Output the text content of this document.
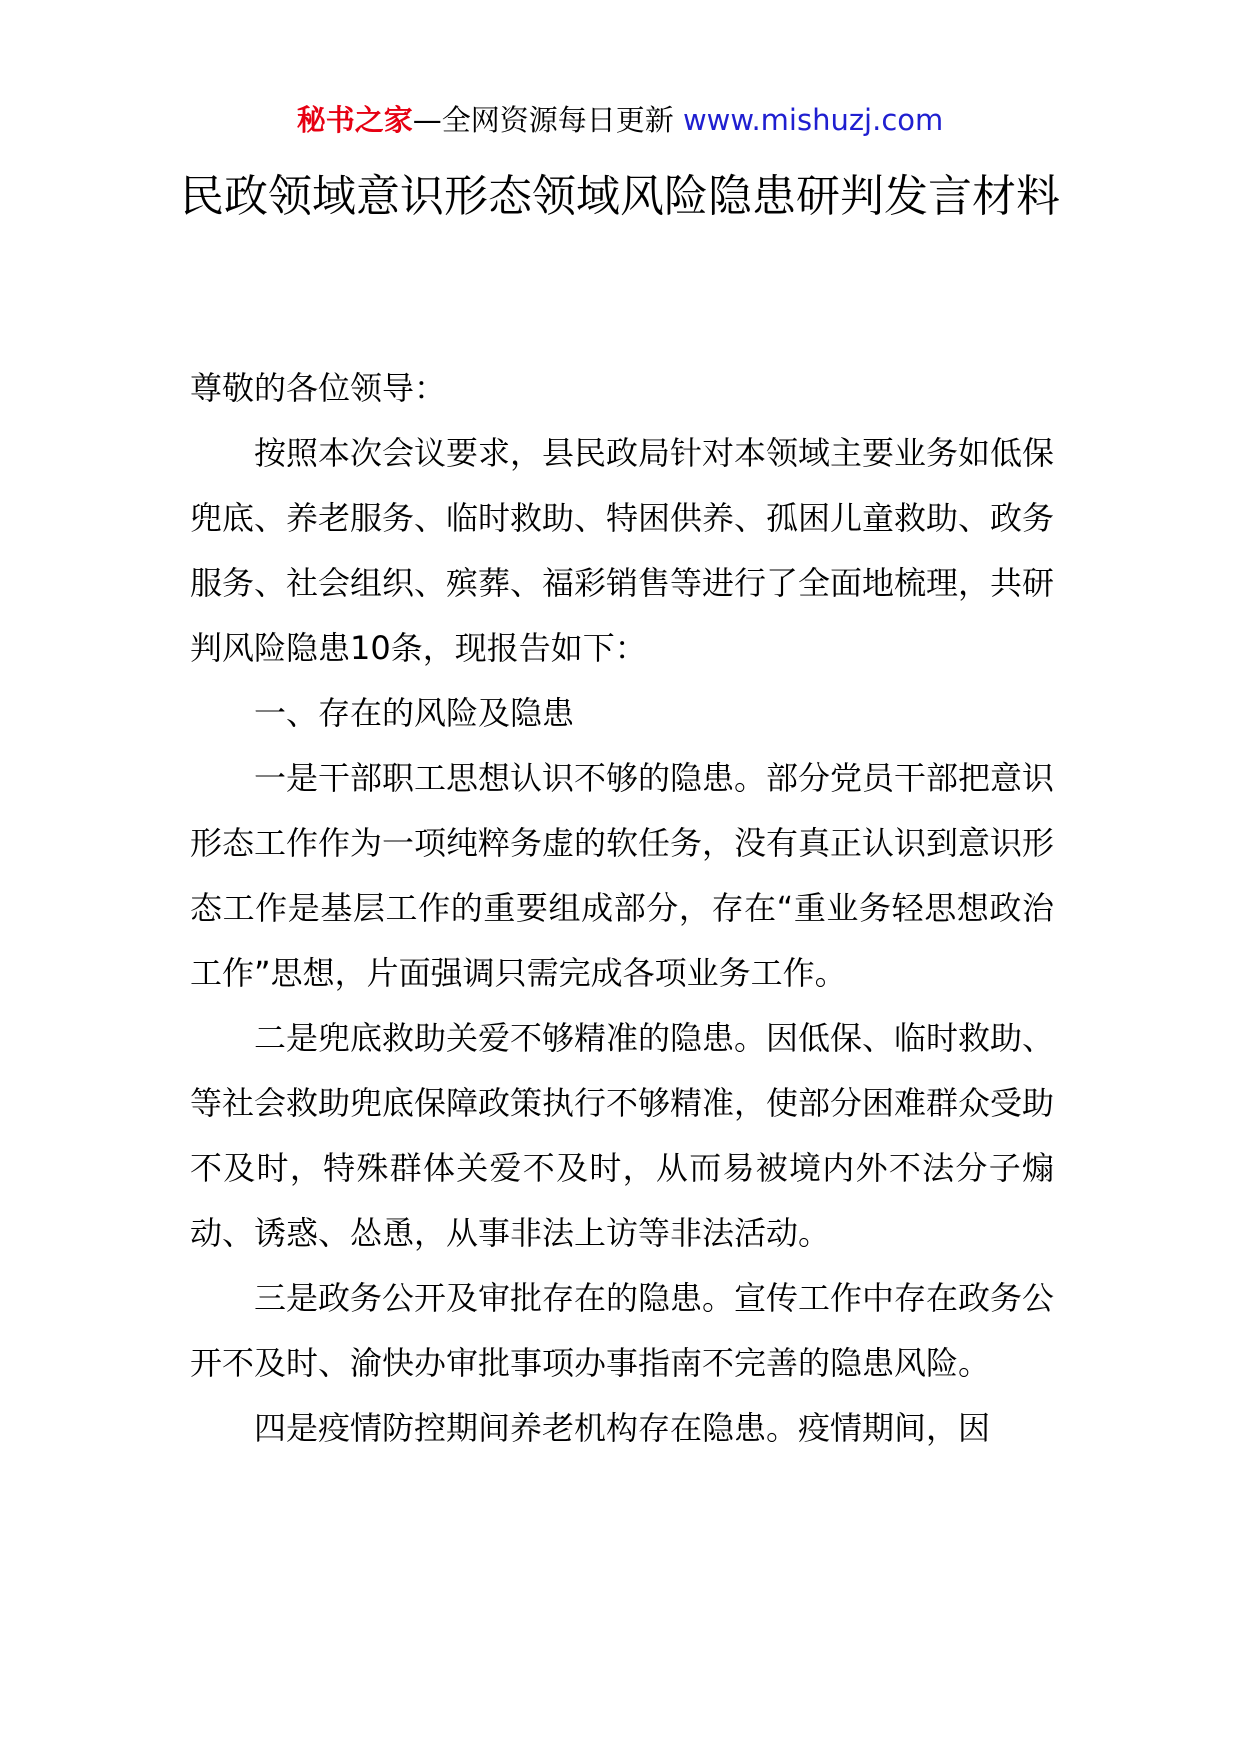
秘书之家—全网资源每日更新 www.mishuzj.com
民政领域意识形态领域风险隐患研判发言材料

尊敬的各位领导：

按照本次会议要求，县民政局针对本领域主要业务如低保兜底、养老服务、临时救助、特困供养、孤困儿童救助、政务服务、社会组织、殡葬、福彩销售等进行了全面地梳理，共研判风险隐患10条，现报告如下：

一、存在的风险及隐患

一是干部职工思想认识不够的隐患。部分党员干部把意识形态工作作为一项纯粹务虚的软任务，没有真正认识到意识形态工作是基层工作的重要组成部分，存在“重业务轻思想政治工作”思想，片面强调只需完成各项业务工作。

二是兜底救助关爱不够精准的隐患。因低保、临时救助、等社会救助兜底保障政策执行不够精准，使部分困难群众受助不及时，特殊群体关爱不及时，从而易被境内外不法分子煽动、诱惑、怂恿，从事非法上访等非法活动。

三是政务公开及审批存在的隐患。宣传工作中存在政务公开不及时、渝快办审批事项办事指南不完善的隐患风险。

四是疫情防控期间养老机构存在隐患。疫情期间，因
